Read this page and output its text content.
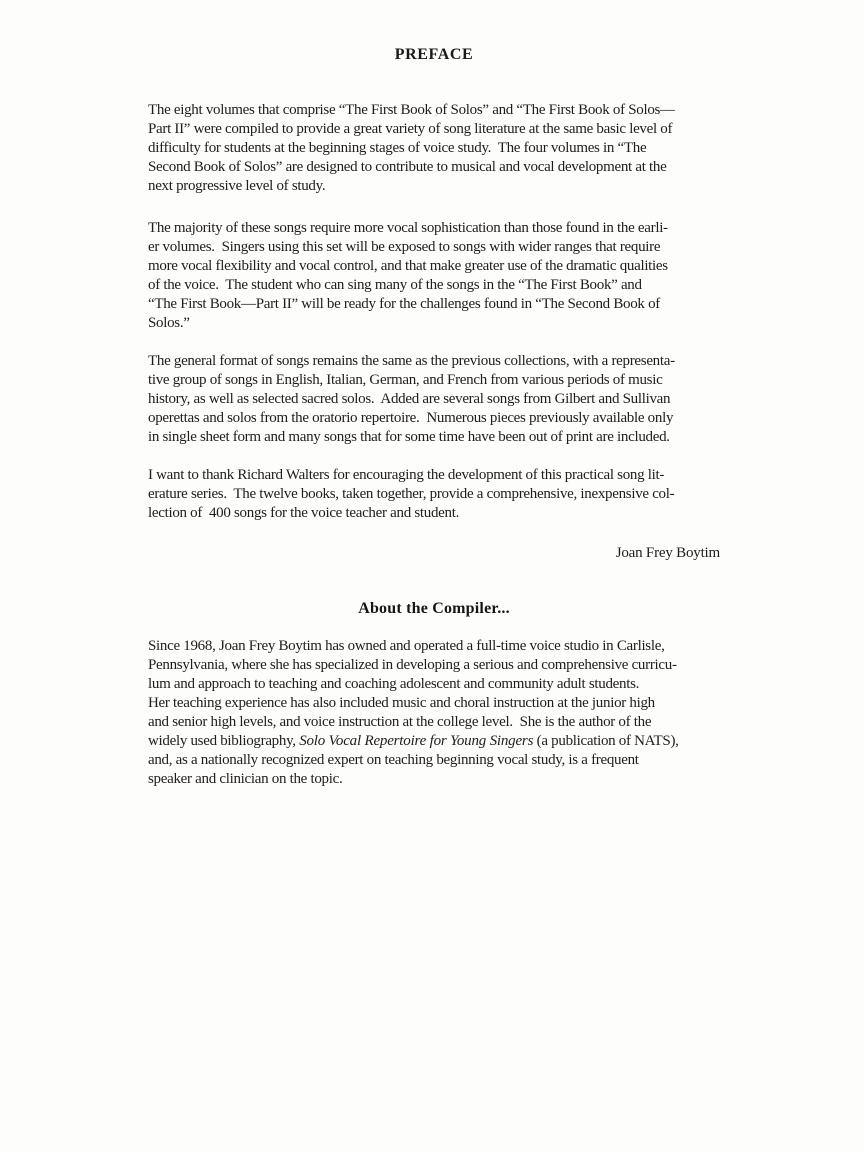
PREFACE
The eight volumes that comprise “The First Book of Solos” and “The First Book of Solos—
Part II” were compiled to provide a great variety of song literature at the same basic level of
difficulty for students at the beginning stages of voice study.  The four volumes in “The
Second Book of Solos” are designed to contribute to musical and vocal development at the
next progressive level of study.
The majority of these songs require more vocal sophistication than those found in the earli-
er volumes.  Singers using this set will be exposed to songs with wider ranges that require
more vocal flexibility and vocal control, and that make greater use of the dramatic qualities
of the voice.  The student who can sing many of the songs in the “The First Book” and
“The First Book—Part II” will be ready for the challenges found in “The Second Book of
Solos.”
The general format of songs remains the same as the previous collections, with a representa-
tive group of songs in English, Italian, German, and French from various periods of music
history, as well as selected sacred solos.  Added are several songs from Gilbert and Sullivan
operettas and solos from the oratorio repertoire.  Numerous pieces previously available only
in single sheet form and many songs that for some time have been out of print are included.
I want to thank Richard Walters for encouraging the development of this practical song lit-
erature series.  The twelve books, taken together, provide a comprehensive, inexpensive col-
lection of  400 songs for the voice teacher and student.
Joan Frey Boytim
About the Compiler...
Since 1968, Joan Frey Boytim has owned and operated a full-time voice studio in Carlisle,
Pennsylvania, where she has specialized in developing a serious and comprehensive curricu-
lum and approach to teaching and coaching adolescent and community adult students.
Her teaching experience has also included music and choral instruction at the junior high
and senior high levels, and voice instruction at the college level.  She is the author of the
widely used bibliography, Solo Vocal Repertoire for Young Singers (a publication of NATS),
and, as a nationally recognized expert on teaching beginning vocal study, is a frequent
speaker and clinician on the topic.
